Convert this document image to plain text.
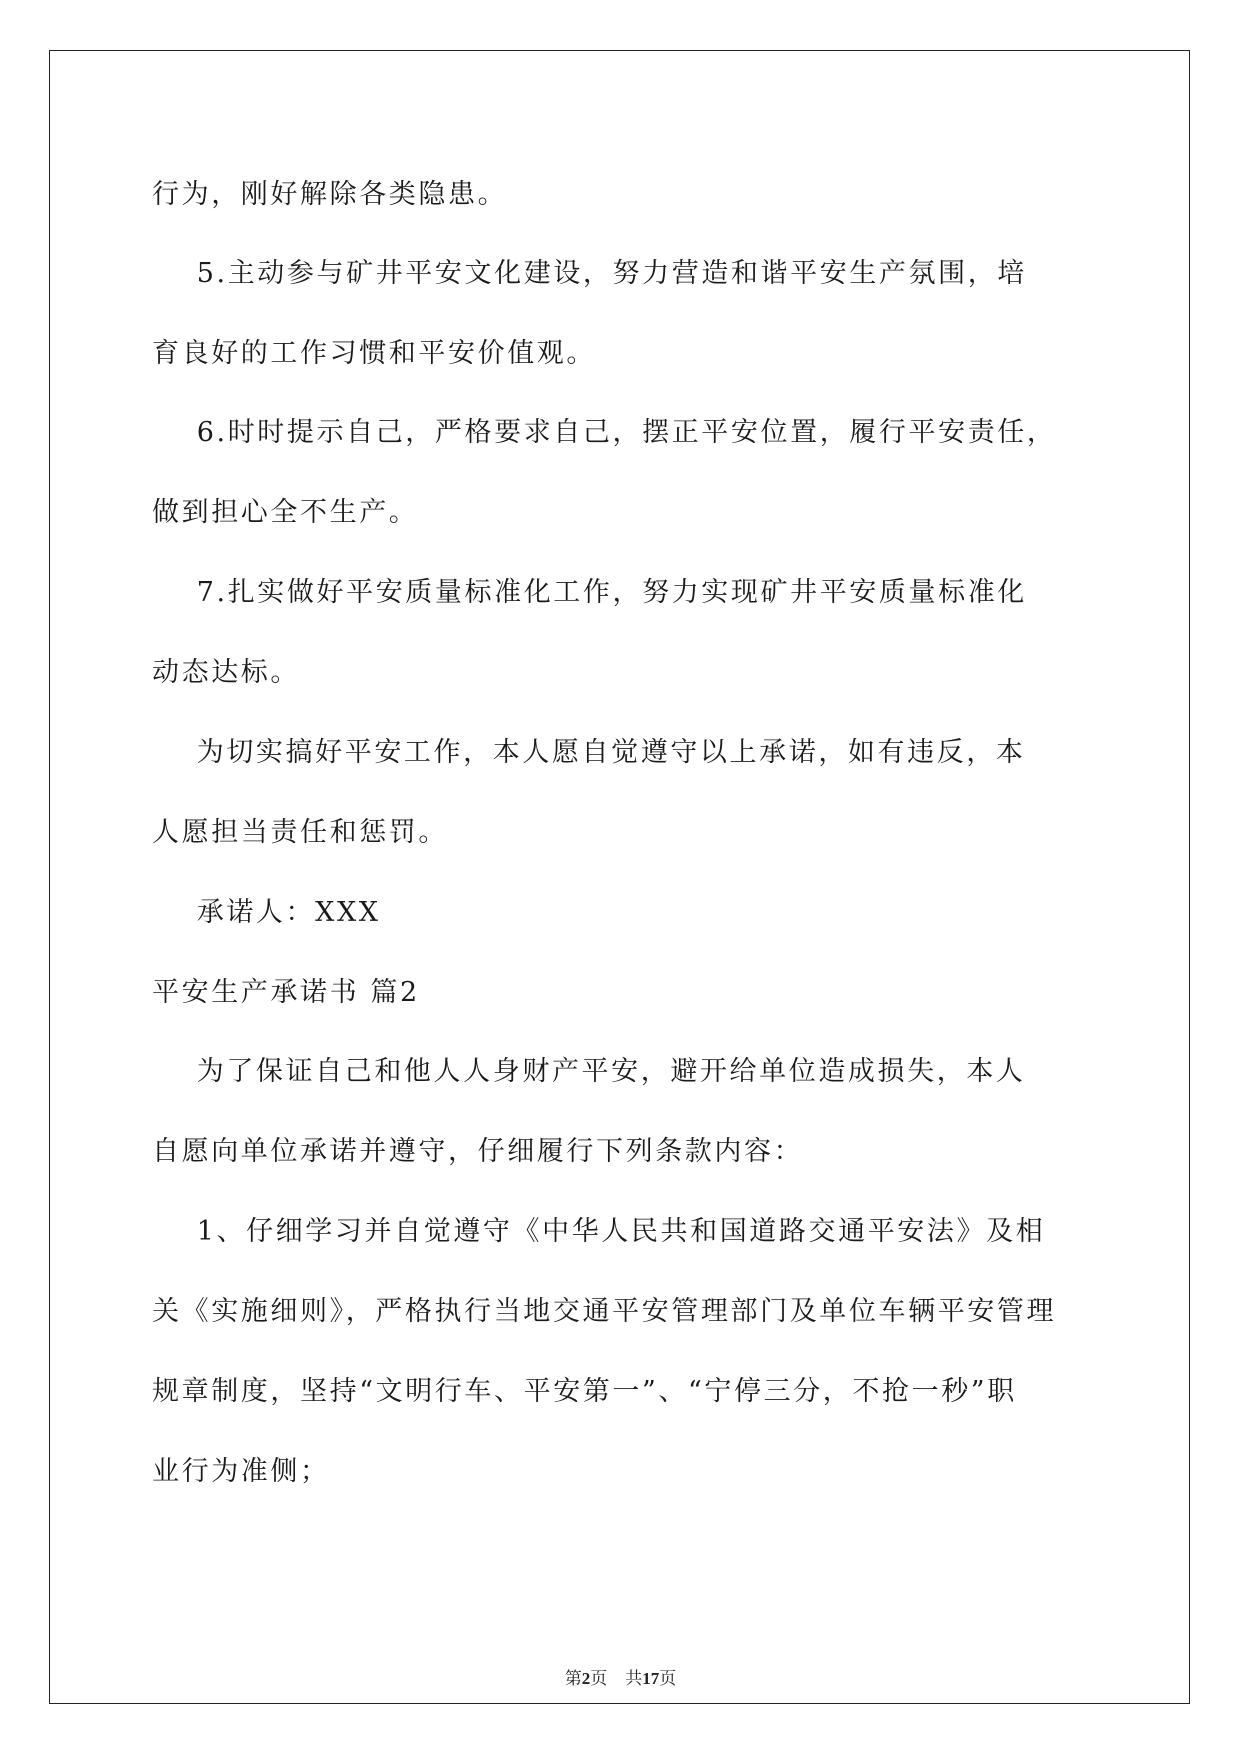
行为，刚好解除各类隐患。

5.主动参与矿井平安文化建设，努力营造和谐平安生产氛围，培

育良好的工作习惯和平安价值观。

6.时时提示自己，严格要求自己，摆正平安位置，履行平安责任，

做到担心全不生产。

7.扎实做好平安质量标准化工作，努力实现矿井平安质量标准化

动态达标。

为切实搞好平安工作，本人愿自觉遵守以上承诺，如有违反，本

人愿担当责任和惩罚。

承诺人：XXX

平安生产承诺书 篇2

为了保证自己和他人人身财产平安，避开给单位造成损失，本人

自愿向单位承诺并遵守，仔细履行下列条款内容：

1、仔细学习并自觉遵守《中华人民共和国道路交通平安法》及相

关《实施细则》，严格执行当地交通平安管理部门及单位车辆平安管理

规章制度，坚持“文明行车、平安第一”、“宁停三分，不抢一秒”职

业行为准侧；

第2页 共17页
